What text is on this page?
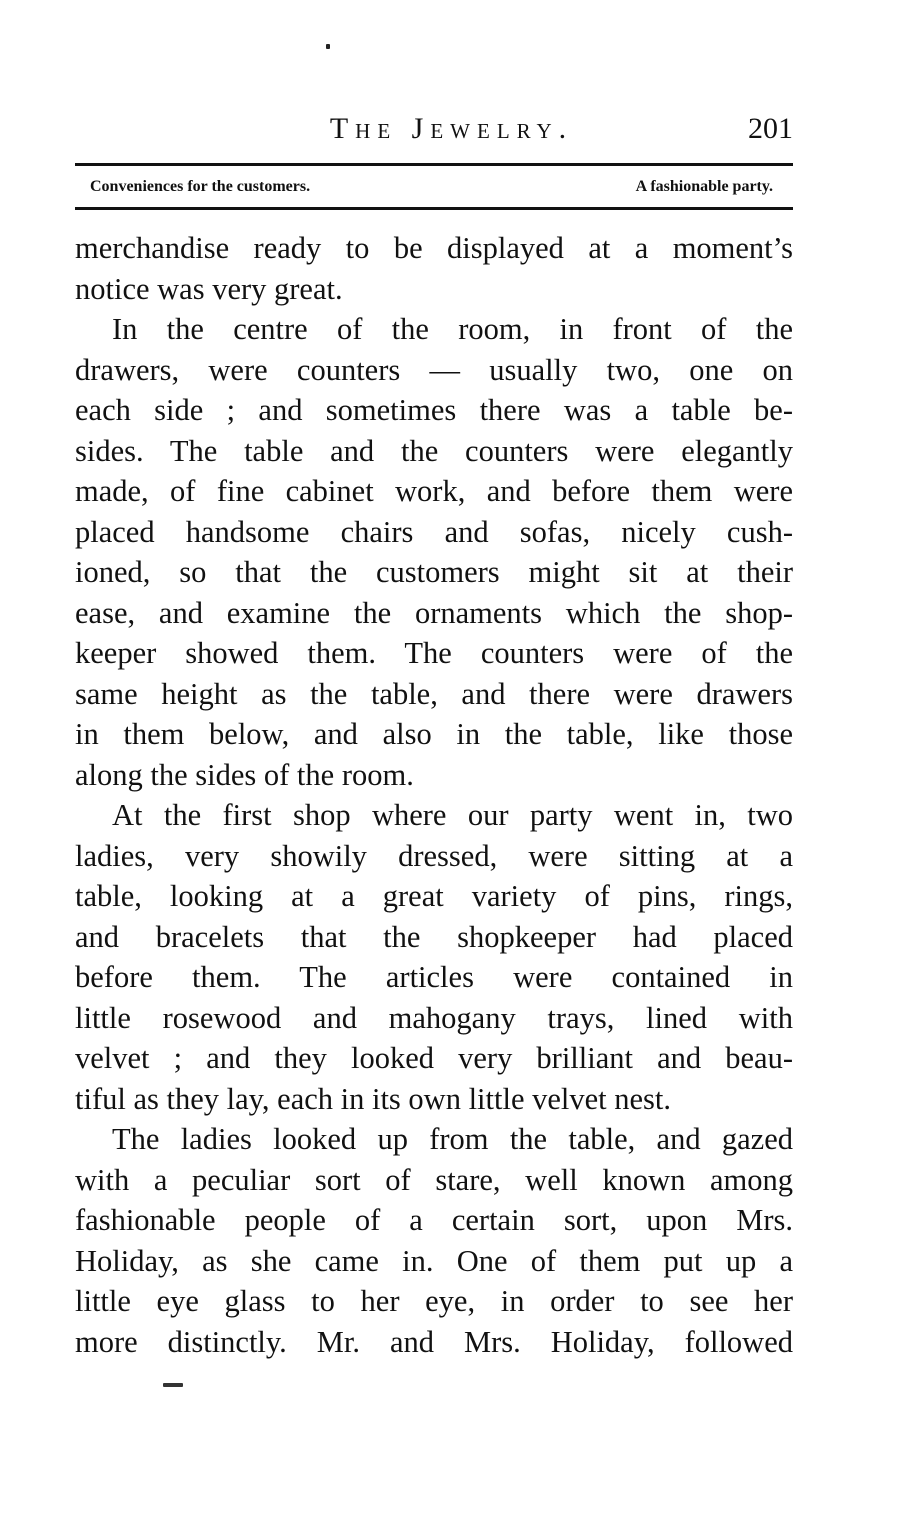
The Jewelry.	201
Conveniences for the customers.	A fashionable party.
merchandise ready to be displayed at a moment’s
notice was very great.
In the centre of the room, in front of the
drawers, were counters — usually two, one on
each side ; and sometimes there was a table be-
sides. The table and the counters were elegantly
made, of fine cabinet work, and before them were
placed handsome chairs and sofas, nicely cush-
ioned, so that the customers might sit at their
ease, and examine the ornaments which the shop-
keeper showed them. The counters were of the
same height as the table, and there were drawers
in them below, and also in the table, like those
along the sides of the room.
At the first shop where our party went in, two
ladies, very showily dressed, were sitting at a
table, looking at a great variety of pins, rings,
and bracelets that the shopkeeper had placed
before them. The articles were contained in
little rosewood and mahogany trays, lined with
velvet ; and they looked very brilliant and beau-
tiful as they lay, each in its own little velvet nest.
The ladies looked up from the table, and gazed
with a peculiar sort of stare, well known among
fashionable people of a certain sort, upon Mrs.
Holiday, as she came in. One of them put up a
little eye glass to her eye, in order to see her
more distinctly. Mr. and Mrs. Holiday, followed
